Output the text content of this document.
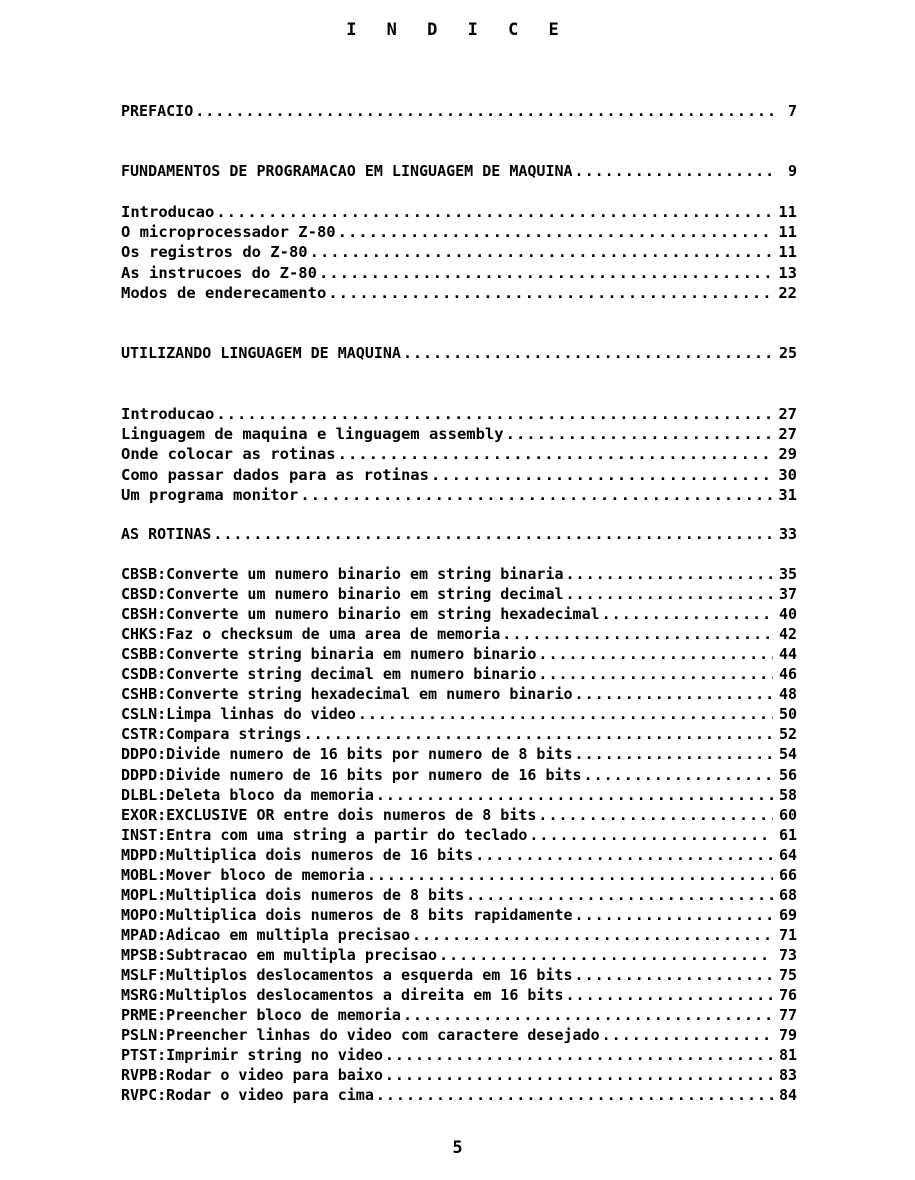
I N D I C E
PREFACIO .....	7
FUNDAMENTOS DE PROGRAMACAO EM LINGUAGEM DE MAQUINA .....	9
Introducao .....	11
O microprocessador Z-80 .....	11
Os registros do Z-80 .....	11
As instrucoes do Z-80 .....	13
Modos de enderecamento .....	22
UTILIZANDO LINGUAGEM DE MAQUINA .....	25
Introducao .....	27
Linguagem de maquina e linguagem assembly .....	27
Onde colocar as rotinas .....	29
Como passar dados para as rotinas .....	30
Um programa monitor .....	31
AS ROTINAS .....	33
CBSB:Converte um numero binario em string binaria .....	35
CBSD:Converte um numero binario em string decimal .....	37
CBSH:Converte um numero binario em string hexadecimal .....	40
CHKS:Faz o checksum de uma area de memoria .....	42
CSBB:Converte string binaria em numero binario .....	44
CSDB:Converte string decimal em numero binario .....	46
CSHB:Converte string hexadecimal em numero binario .....	48
CSLN:Limpa linhas do video .....	50
CSTR:Compara strings .....	52
DDPO:Divide numero de 16 bits por numero de 8 bits .....	54
DDPD:Divide numero de 16 bits por numero de 16 bits .....	56
DLBL:Deleta bloco da memoria .....	58
EXOR:EXCLUSIVE OR entre dois numeros de 8 bits .....	60
INST:Entra com uma string a partir do teclado .....	61
MDPD:Multiplica dois numeros de 16 bits .....	64
MOBL:Mover bloco de memoria .....	66
MOPL:Multiplica dois numeros de 8 bits .....	68
MOPO:Multiplica dois numeros de 8 bits rapidamente .....	69
MPAD:Adicao em multipla precisao .....	71
MPSB:Subtracao em multipla precisao .....	73
MSLF:Multiplos deslocamentos a esquerda em 16 bits .....	75
MSRG:Multiplos deslocamentos a direita em 16 bits .....	76
PRME:Preencher bloco de memoria .....	77
PSLN:Preencher linhas do video com caractere desejado .....	79
PTST:Imprimir string no video .....	81
RVPB:Rodar o video para baixo .....	83
RVPC:Rodar o video para cima .....	84
5
